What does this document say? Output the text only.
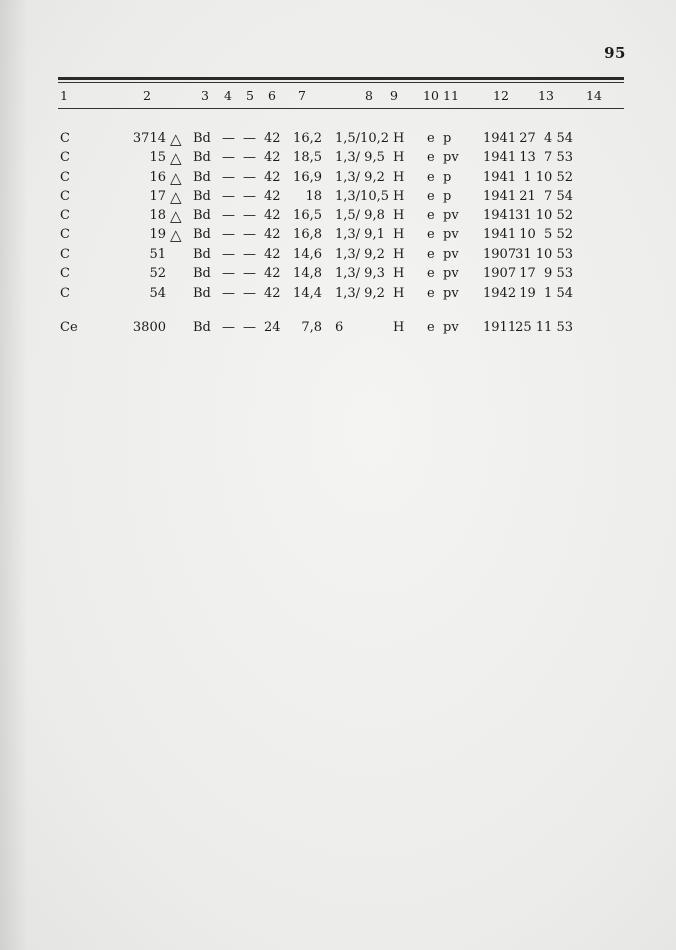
95
1	2	3 4 5 6 7	8 9 10 11	12 13	14
C	3714 △ Bd — — 42 16,2 1,5/10,2 H e p 1941 27  4 54
C	15 △ Bd — — 42 18,5 1,3/ 9,5 H e pv 1941 13  7 53
C	16 △ Bd — — 42 16,9 1,3/ 9,2 H e p 1941 1 10 52
C	17 △ Bd — — 42	18 1,3/10,5 H e p 1941 21  7 54
C	18 △ Bd — — 42 16,5 1,5/ 9,8 H e pv 1941 31 10 52
C	19 △ Bd — — 42 16,8 1,3/ 9,1 H e pv 1941 10  5 52
C	51 Bd — — 42 14,6 1,3/ 9,2 H e pv 1907 31 10 53
C	52 Bd — — 42 14,8 1,3/ 9,3 H e pv 1907 17  9 53
C	54 Bd — — 42 14,4 1,3/ 9,2 H e pv 1942 19  1 54
Ce	3800 Bd — — 24	7,8 6	H e pv 1911 25 11 53
